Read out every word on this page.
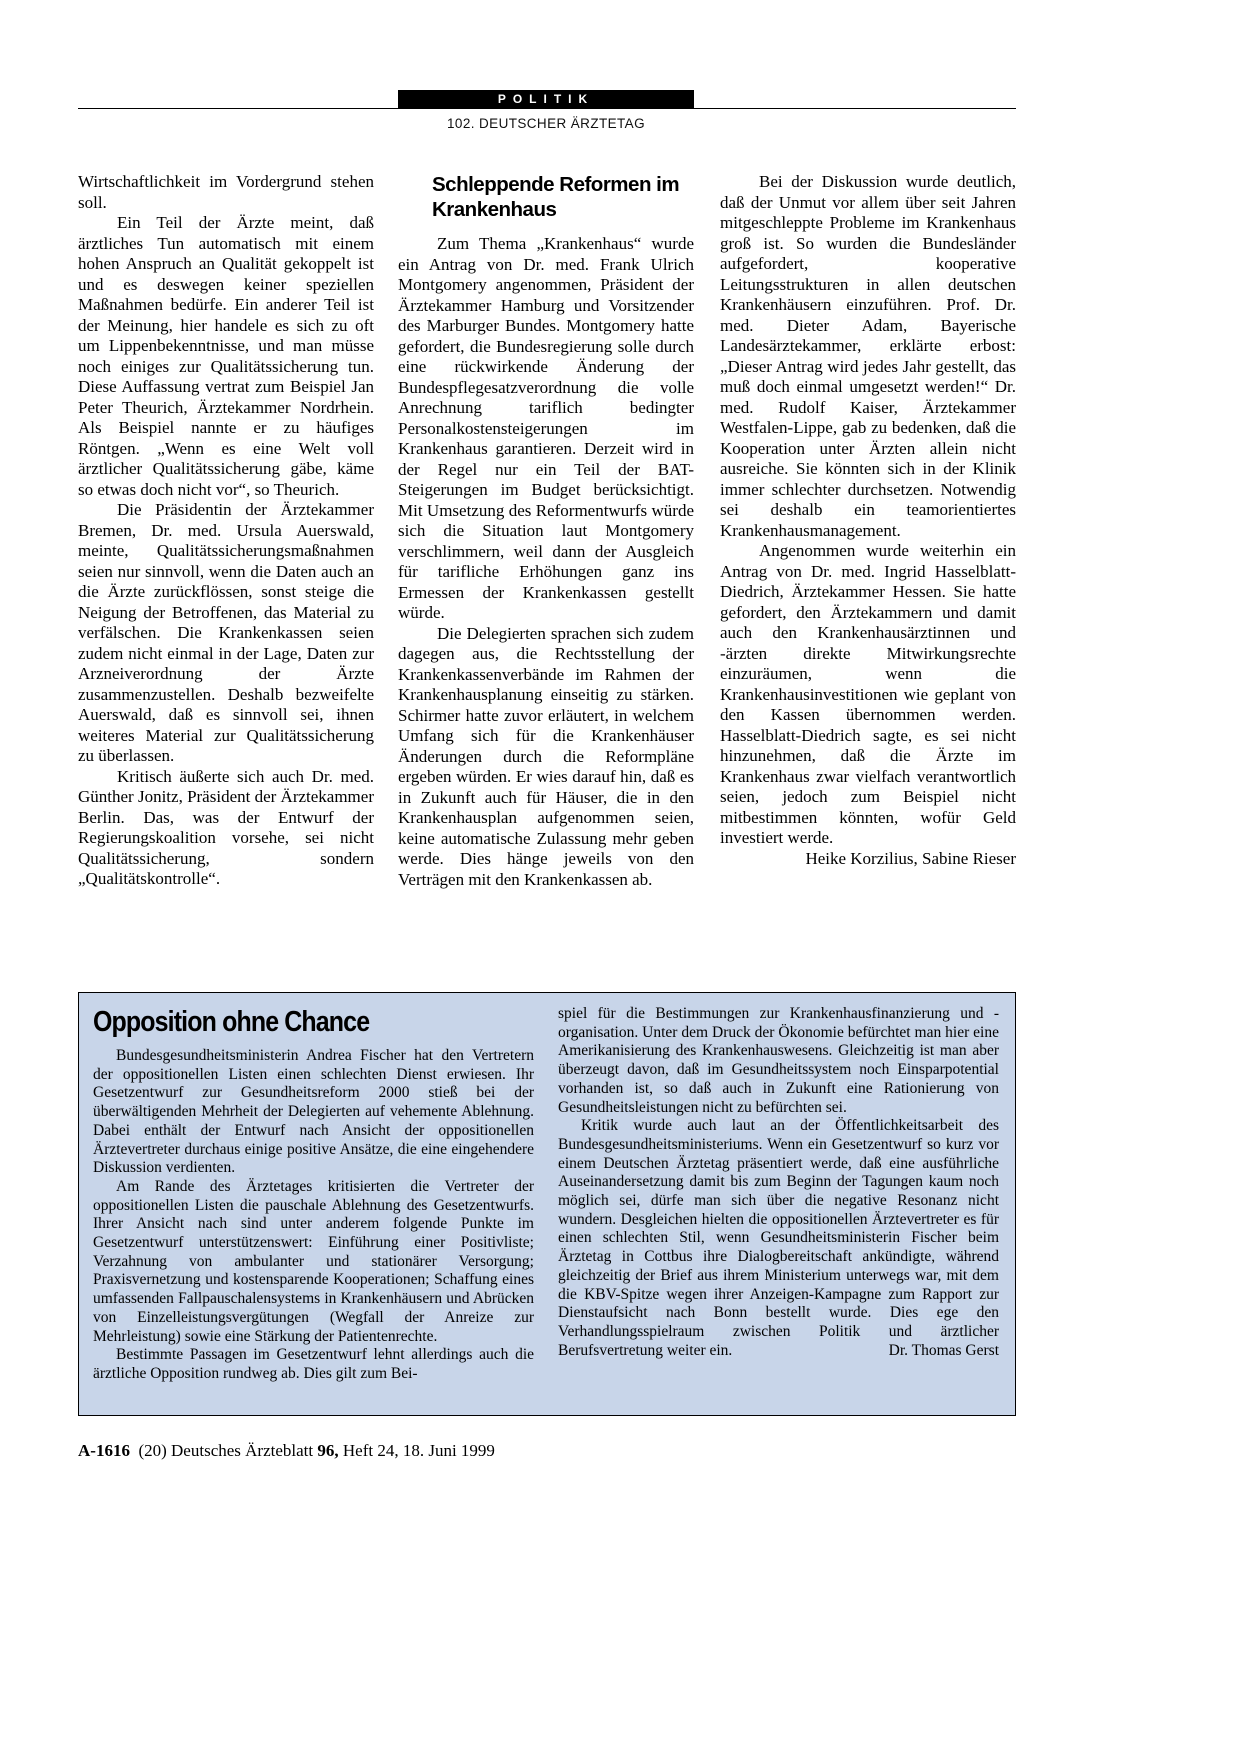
POLITIK
102. DEUTSCHER ÄRZTETAG

Wirtschaftlichkeit im Vordergrund stehen soll.

Ein Teil der Ärzte meint, daß ärztliches Tun automatisch mit einem hohen Anspruch an Qualität gekoppelt ist und es deswegen keiner speziellen Maßnahmen bedürfe. Ein anderer Teil ist der Meinung, hier handele es sich zu oft um Lippenbekenntnisse, und man müsse noch einiges zur Qualitätssicherung tun. Diese Auffassung vertrat zum Beispiel Jan Peter Theurich, Ärztekammer Nordrhein. Als Beispiel nannte er zu häufiges Röntgen. „Wenn es eine Welt voll ärztlicher Qualitätssicherung gäbe, käme so etwas doch nicht vor“, so Theurich.

Die Präsidentin der Ärztekammer Bremen, Dr. med. Ursula Auerswald, meinte, Qualitätssicherungsmaßnahmen seien nur sinnvoll, wenn die Daten auch an die Ärzte zurückflössen, sonst steige die Neigung der Betroffenen, das Material zu verfälschen. Die Krankenkassen seien zudem nicht einmal in der Lage, Daten zur Arzneiverordnung der Ärzte zusammenzustellen. Deshalb bezweifelte Auerswald, daß es sinnvoll sei, ihnen weiteres Material zur Qualitätssicherung zu überlassen.

Kritisch äußerte sich auch Dr. med. Günther Jonitz, Präsident der Ärztekammer Berlin. Das, was der Entwurf der Regierungskoalition vorsehe, sei nicht Qualitätssicherung, sondern „Qualitätskontrolle“.

Schleppende Reformen im Krankenhaus

Zum Thema „Krankenhaus“ wurde ein Antrag von Dr. med. Frank Ulrich Montgomery angenommen, Präsident der Ärztekammer Hamburg und Vorsitzender des Marburger Bundes. Montgomery hatte gefordert, die Bundesregierung solle durch eine rückwirkende Änderung der Bundespflegesatzverordnung die volle Anrechnung tariflich bedingter Personalkostensteigerungen im Krankenhaus garantieren. Derzeit wird in der Regel nur ein Teil der BAT-Steigerungen im Budget berücksichtigt. Mit Umsetzung des Reformentwurfs würde sich die Situation laut Montgomery verschlimmern, weil dann der Ausgleich für tarifliche Erhöhungen ganz ins Ermessen der Krankenkassen gestellt würde.

Die Delegierten sprachen sich zudem dagegen aus, die Rechtsstellung der Krankenkassenverbände im Rahmen der Krankenhausplanung einseitig zu stärken. Schirmer hatte zuvor erläutert, in welchem Umfang sich für die Krankenhäuser Änderungen durch die Reformpläne ergeben würden. Er wies darauf hin, daß es in Zukunft auch für Häuser, die in den Krankenhausplan aufgenommen seien, keine automatische Zulassung mehr geben werde. Dies hänge jeweils von den Verträgen mit den Krankenkassen ab.

Bei der Diskussion wurde deutlich, daß der Unmut vor allem über seit Jahren mitgeschleppte Probleme im Krankenhaus groß ist. So wurden die Bundesländer aufgefordert, kooperative Leitungsstrukturen in allen deutschen Krankenhäusern einzuführen. Prof. Dr. med. Dieter Adam, Bayerische Landesärztekammer, erklärte erbost: „Dieser Antrag wird jedes Jahr gestellt, das muß doch einmal umgesetzt werden!“ Dr. med. Rudolf Kaiser, Ärztekammer Westfalen-Lippe, gab zu bedenken, daß die Kooperation unter Ärzten allein nicht ausreiche. Sie könnten sich in der Klinik immer schlechter durchsetzen. Notwendig sei deshalb ein teamorientiertes Krankenhausmanagement.

Angenommen wurde weiterhin ein Antrag von Dr. med. Ingrid Hasselblatt-Diedrich, Ärztekammer Hessen. Sie hatte gefordert, den Ärztekammern und damit auch den Krankenhausärztinnen und -ärzten direkte Mitwirkungsrechte einzuräumen, wenn die Krankenhausinvestitionen wie geplant von den Kassen übernommen werden. Hasselblatt-Diedrich sagte, es sei nicht hinzunehmen, daß die Ärzte im Krankenhaus zwar vielfach verantwortlich seien, jedoch zum Beispiel nicht mitbestimmen könnten, wofür Geld investiert werde.

Heike Korzilius, Sabine Rieser

Opposition ohne Chance

Bundesgesundheitsministerin Andrea Fischer hat den Vertretern der oppositionellen Listen einen schlechten Dienst erwiesen. Ihr Gesetzentwurf zur Gesundheitsreform 2000 stieß bei der überwältigenden Mehrheit der Delegierten auf vehemente Ablehnung. Dabei enthält der Entwurf nach Ansicht der oppositionellen Ärztevertreter durchaus einige positive Ansätze, die eine eingehendere Diskussion verdienten.

Am Rande des Ärztetages kritisierten die Vertreter der oppositionellen Listen die pauschale Ablehnung des Gesetzentwurfs. Ihrer Ansicht nach sind unter anderem folgende Punkte im Gesetzentwurf unterstützenswert: Einführung einer Positivliste; Verzahnung von ambulanter und stationärer Versorgung; Praxisvernetzung und kostensparende Kooperationen; Schaffung eines umfassenden Fallpauschalensystems in Krankenhäusern und Abrücken von Einzelleistungsvergütungen (Wegfall der Anreize zur Mehrleistung) sowie eine Stärkung der Patientenrechte.

Bestimmte Passagen im Gesetzentwurf lehnt allerdings auch die ärztliche Opposition rundweg ab. Dies gilt zum Bei-

spiel für die Bestimmungen zur Krankenhausfinanzierung und -organisation. Unter dem Druck der Ökonomie befürchtet man hier eine Amerikanisierung des Krankenhauswesens. Gleichzeitig ist man aber überzeugt davon, daß im Gesundheitssystem noch Einsparpotential vorhanden ist, so daß auch in Zukunft eine Rationierung von Gesundheitsleistungen nicht zu befürchten sei.

Kritik wurde auch laut an der Öffentlichkeitsarbeit des Bundesgesundheitsministeriums. Wenn ein Gesetzentwurf so kurz vor einem Deutschen Ärztetag präsentiert werde, daß eine ausführliche Auseinandersetzung damit bis zum Beginn der Tagungen kaum noch möglich sei, dürfe man sich über die negative Resonanz nicht wundern. Desgleichen hielten die oppositionellen Ärztevertreter es für einen schlechten Stil, wenn Gesundheitsministerin Fischer beim Ärztetag in Cottbus ihre Dialogbereitschaft ankündigte, während gleichzeitig der Brief aus ihrem Ministerium unterwegs war, mit dem die KBV-Spitze wegen ihrer Anzeigen-Kampagne zum Rapport zur Dienstaufsicht nach Bonn bestellt wurde. Dies ege den Verhandlungsspielraum zwischen Politik und ärztlicher Berufsvertretung weiter ein.	Dr. Thomas Gerst

A-1616 (20) Deutsches Ärzteblatt 96, Heft 24, 18. Juni 1999
